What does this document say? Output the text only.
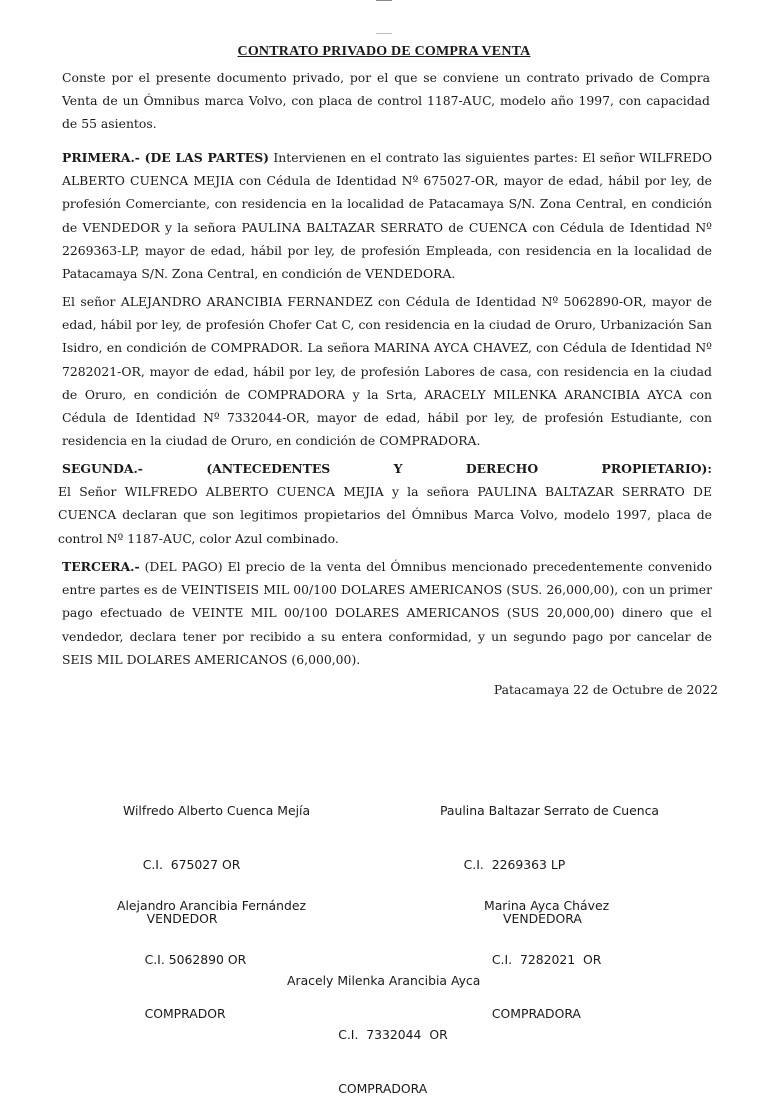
CONTRATO PRIVADO DE COMPRA VENTA

Conste por el presente documento privado, por el que se conviene un contrato privado de Compra Venta de un Ómnibus marca Volvo, con placa de control 1187-AUC, modelo año 1997, con capacidad de 55 asientos.

PRIMERA.- (DE LAS PARTES) Intervienen en el contrato las siguientes partes: El señor WILFREDO ALBERTO CUENCA MEJIA con Cédula de Identidad Nº 675027-OR, mayor de edad, hábil por ley, de profesión Comerciante, con residencia en la localidad de Patacamaya S/N. Zona Central, en condición de VENDEDOR y la señora PAULINA BALTAZAR SERRATO de CUENCA con Cédula de Identidad Nº 2269363-LP, mayor de edad, hábil por ley, de profesión Empleada, con residencia en la localidad de Patacamaya S/N. Zona Central, en condición de VENDEDORA.

El señor ALEJANDRO ARANCIBIA FERNANDEZ con Cédula de Identidad Nº 5062890-OR, mayor de edad, hábil por ley, de profesión Chofer Cat C, con residencia en la ciudad de Oruro, Urbanización San Isidro, en condición de COMPRADOR. La señora MARINA AYCA CHAVEZ, con Cédula de Identidad Nº 7282021-OR, mayor de edad, hábil por ley, de profesión Labores de casa, con residencia en la ciudad de Oruro, en condición de COMPRADORA y la Srta, ARACELY MILENKA ARANCIBIA AYCA con Cédula de Identidad Nº 7332044-OR, mayor de edad, hábil por ley, de profesión Estudiante, con residencia en la ciudad de Oruro, en condición de COMPRADORA.

SEGUNDA.-	(ANTECEDENTES	Y	DERECHO	PROPIETARIO):
El Señor WILFREDO ALBERTO CUENCA MEJIA y la señora PAULINA BALTAZAR SERRATO DE CUENCA declaran que son legitimos propietarios del Ómnibus Marca Volvo, modelo 1997, placa de control Nº 1187-AUC, color Azul combinado.

TERCERA.- (DEL PAGO) El precio de la venta del Ómnibus mencionado precedentemente convenido entre partes es de VEINTISEIS MIL 00/100 DOLARES AMERICANOS (SUS. 26,000,00), con un primer pago efectuado de VEINTE MIL 00/100 DOLARES AMERICANOS (SUS 20,000,00) dinero que el vendedor, declara tener por recibido a su entera conformidad, y un segundo pago por cancelar de SEIS MIL DOLARES AMERICANOS (6,000,00).

Patacamaya 22 de Octubre de 2022

Wilfredo Alberto Cuenca Mejía

C.I.  675027 OR

VENDEDOR

Paulina Baltazar Serrato de Cuenca

C.I.  2269363 LP

VENDEDORA

Alejandro Arancibia Fernández

C.I. 5062890 OR

COMPRADOR

Marina Ayca Chávez

C.I.  7282021  OR

COMPRADORA

Aracely Milenka Arancibia Ayca

C.I.  7332044  OR

COMPRADORA
